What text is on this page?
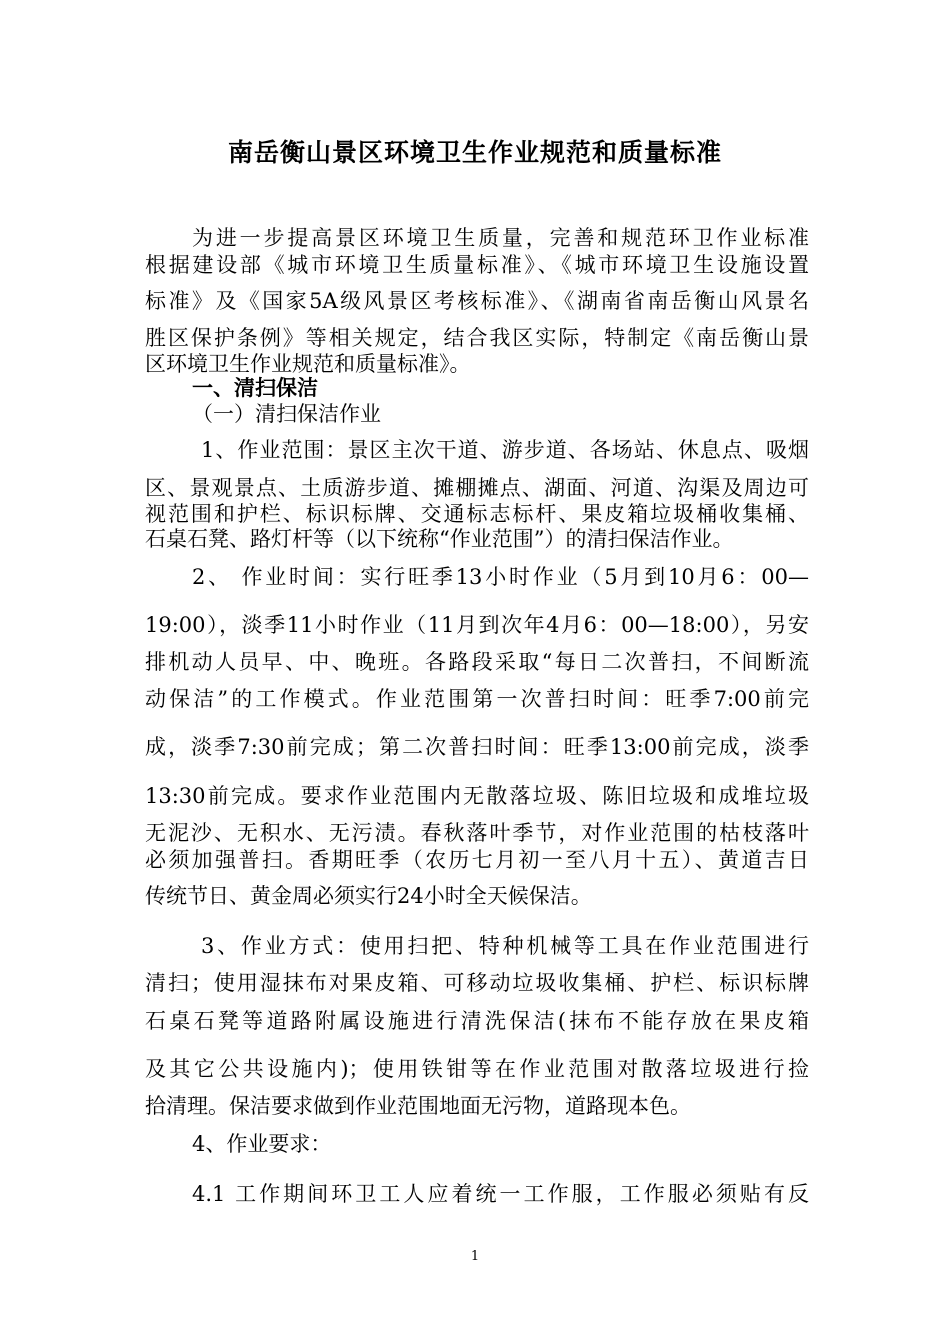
南岳衡山景区环境卫生作业规范和质量标准

为进一步提高景区环境卫生质量，完善和规范环卫作业标准

根据建设部《城市环境卫生质量标准》、《城市环境卫生设施设置

标准》及《国家5A级风景区考核标准》、《湖南省南岳衡山风景名

胜区保护条例》等相关规定，结合我区实际，特制定《南岳衡山景

区环境卫生作业规范和质量标准》。

一、清扫保洁

（一）清扫保洁作业

1、作业范围：景区主次干道、游步道、各场站、休息点、吸烟

区、景观景点、土质游步道、摊棚摊点、湖面、河道、沟渠及周边可

视范围和护栏、标识标牌、交通标志标杆、果皮箱垃圾桶收集桶、

石桌石凳、路灯杆等（以下统称“作业范围”）的清扫保洁作业。

2、 作业时间：实行旺季13小时作业（5月到10月6：00—

19:00），淡季11小时作业（11月到次年4月6：00—18:00），另安

排机动人员早、中、晚班。各路段采取“每日二次普扫，不间断流

动保洁”的工作模式。作业范围第一次普扫时间：旺季7:00前完

成，淡季7:30前完成；第二次普扫时间：旺季13:00前完成，淡季

13:30前完成。要求作业范围内无散落垃圾、陈旧垃圾和成堆垃圾

无泥沙、无积水、无污渍。春秋落叶季节，对作业范围的枯枝落叶

必须加强普扫。香期旺季（农历七月初一至八月十五）、黄道吉日

传统节日、黄金周必须实行24小时全天候保洁。

3、作业方式：使用扫把、特种机械等工具在作业范围进行

清扫；使用湿抹布对果皮箱、可移动垃圾收集桶、护栏、标识标牌

石桌石凳等道路附属设施进行清洗保洁(抹布不能存放在果皮箱

及其它公共设施内)；使用铁钳等在作业范围对散落垃圾进行捡

拾清理。保洁要求做到作业范围地面无污物，道路现本色。

4、作业要求：

4.1 工作期间环卫工人应着统一工作服，工作服必须贴有反

1
